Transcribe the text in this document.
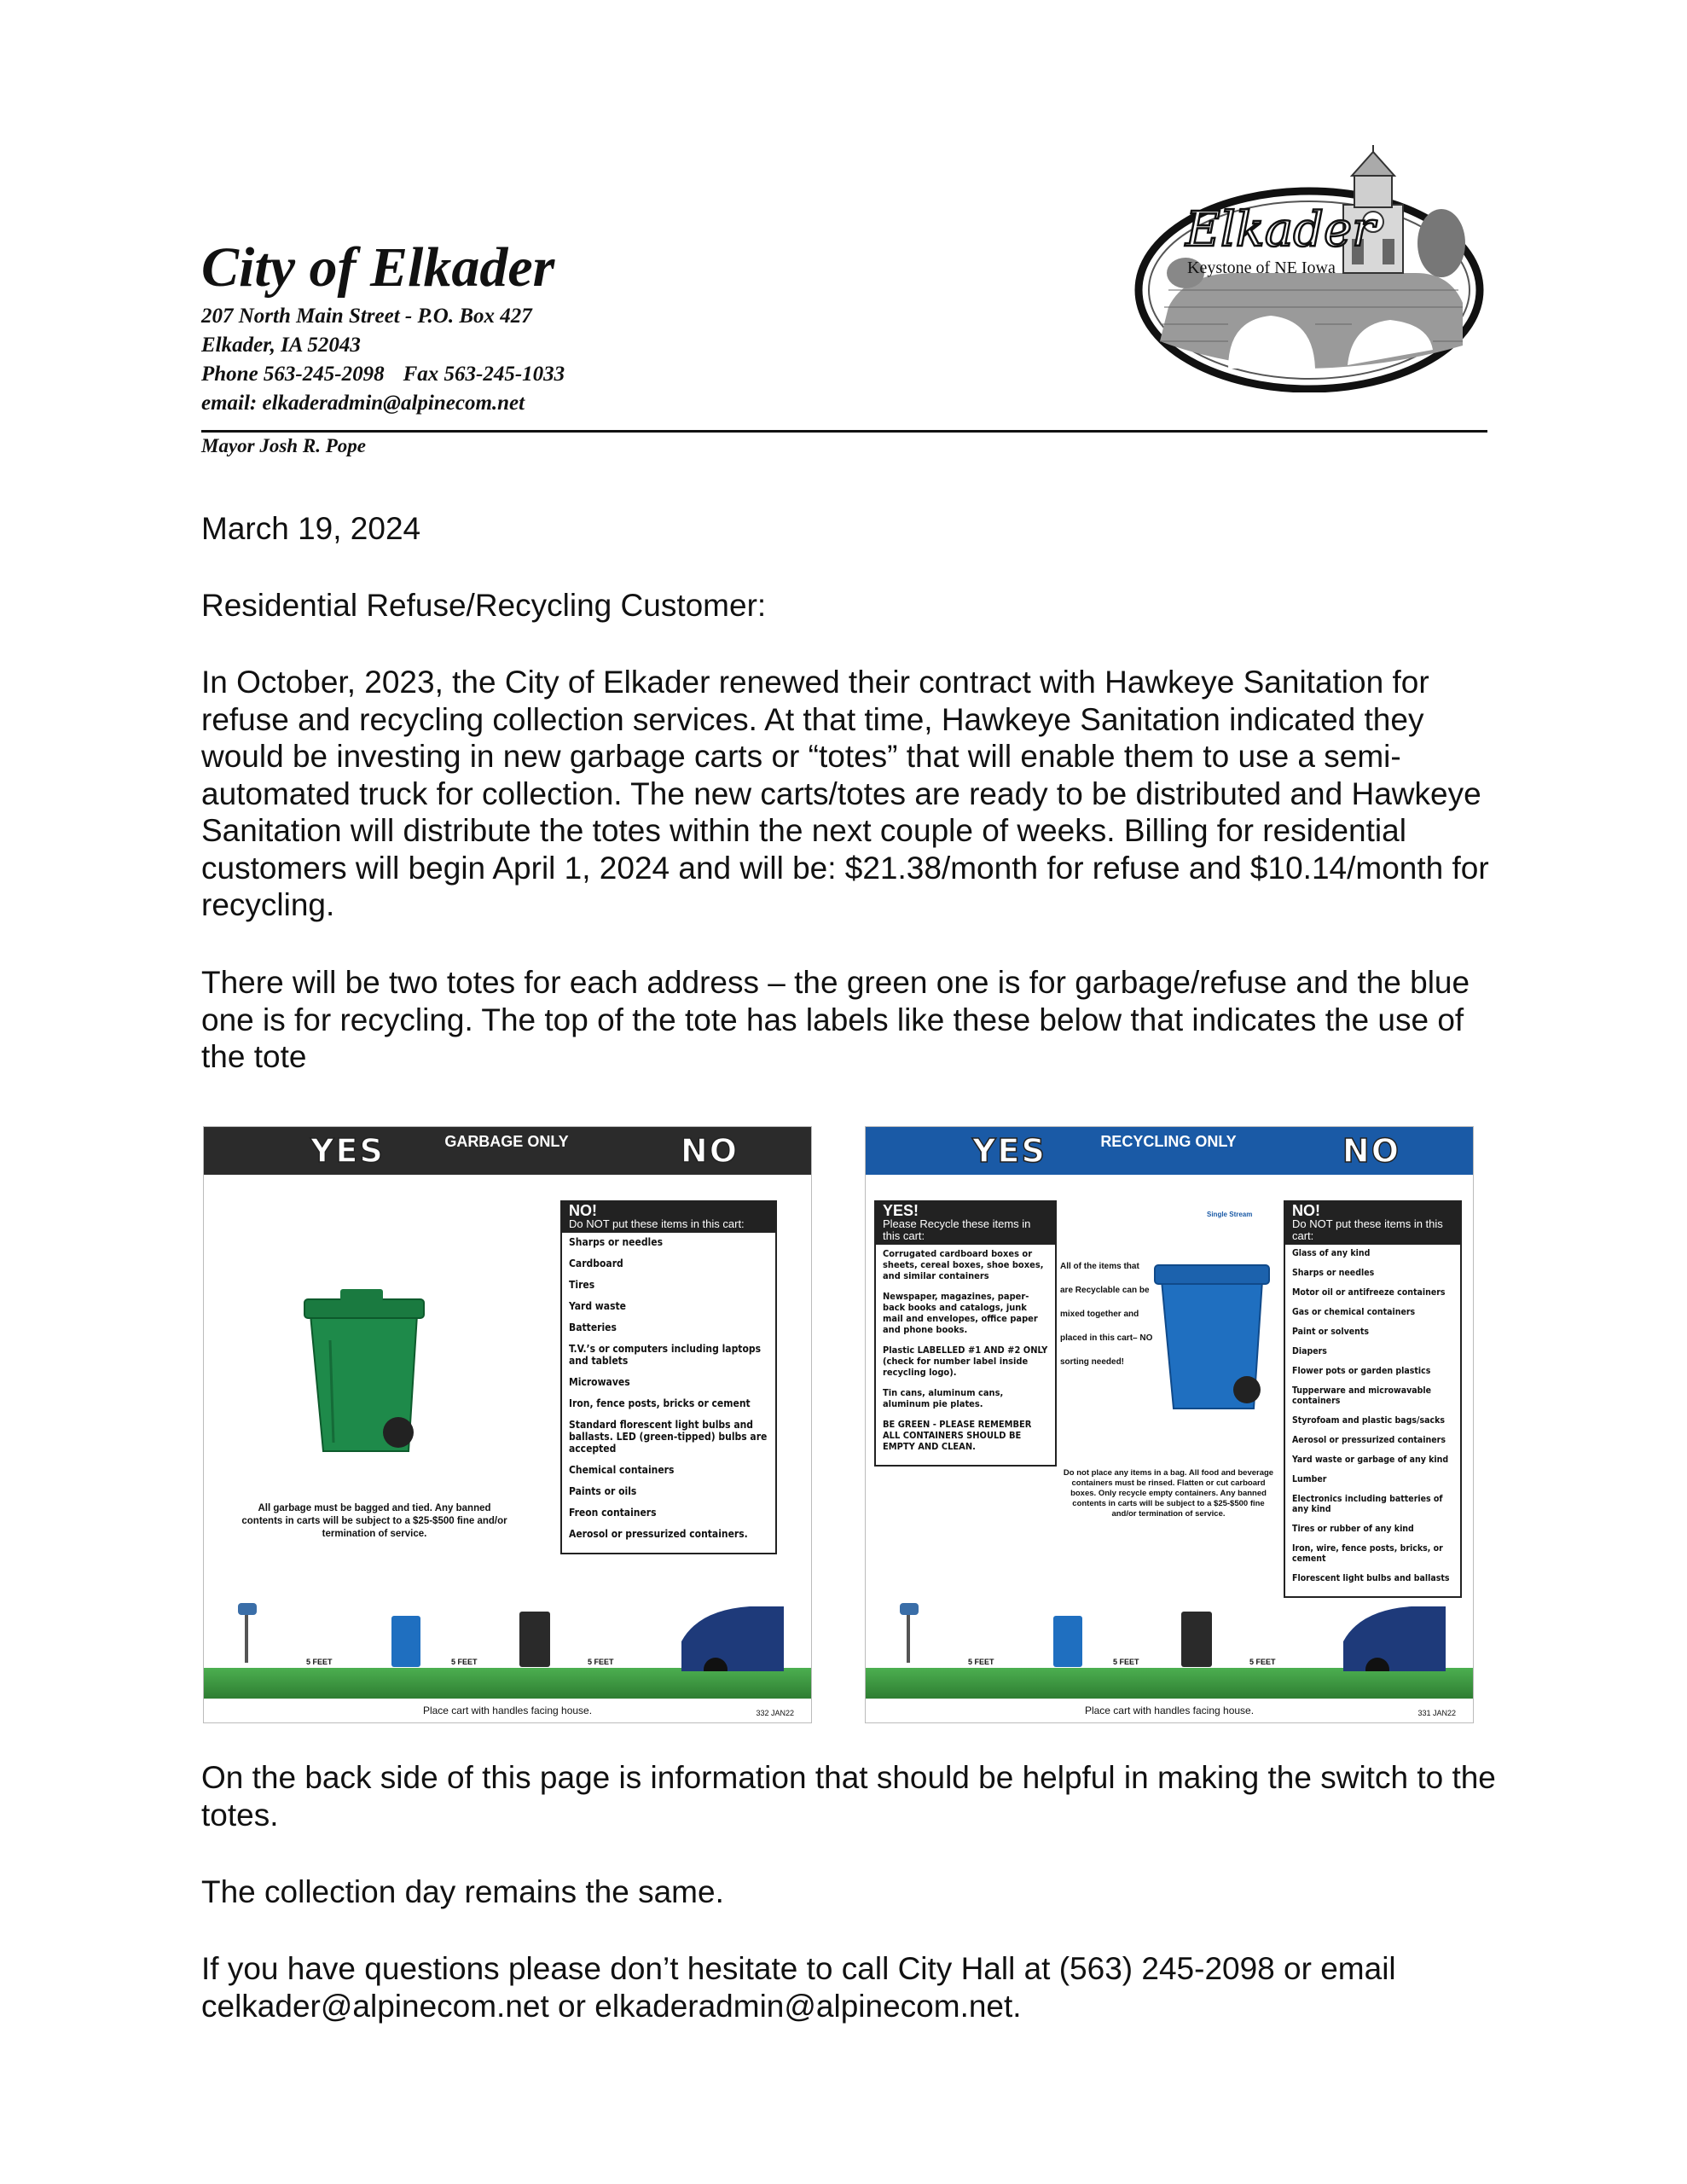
City of Elkader
207 North Main Street - P.O. Box 427
Elkader, IA 52043
Phone 563-245-2098 Fax 563-245-1033
email: elkaderadmin@alpinecom.net
Mayor Josh R. Pope
Elkader
Keystone of NE Iowa
March 19, 2024
Residential Refuse/Recycling Customer:
In October, 2023, the City of Elkader renewed their contract with Hawkeye Sanitation for refuse and recycling collection services. At that time, Hawkeye Sanitation indicated they would be investing in new garbage carts or “totes” that will enable them to use a semi-automated truck for collection. The new carts/totes are ready to be distributed and Hawkeye Sanitation will distribute the totes within the next couple of weeks. Billing for residential customers will begin April 1, 2024 and will be: $21.38/month for refuse and $10.14/month for recycling.
There will be two totes for each address – the green one is for garbage/refuse and the blue one is for recycling. The top of the tote has labels like these below that indicates the use of the tote
On the back side of this page is information that should be helpful in making the switch to the totes.
The collection day remains the same.
If you have questions please don’t hesitate to call City Hall at (563) 245-2098 or email celkader@alpinecom.net or elkaderadmin@alpinecom.net.
YES	GARBAGE ONLY	NO
All garbage must be bagged and tied. Any banned contents in carts will be subject to a $25-$500 fine and/or termination of service.
NO!
Do NOT put these items in this cart:
Sharps or needles
Cardboard
Tires
Yard waste
Batteries
T.V.’s or computers including laptops and tablets
Microwaves
Iron, fence posts, bricks or cement
Standard florescent light bulbs and ballasts. LED (green-tipped) bulbs are accepted
Chemical containers
Paints or oils
Freon containers
Aerosol or pressurized containers.
5 FEET	5 FEET	5 FEET
Place cart with handles facing house.	332 JAN22
YES	RECYCLING ONLY	NO
YES!
Please Recycle these items in this cart:
Corrugated cardboard boxes or sheets, cereal boxes, shoe boxes, and similar containers
Newspaper, magazines, paper-back books and catalogs, junk mail and envelopes, office paper and phone books.
Plastic LABELLED #1 AND #2 ONLY (check for number label inside recycling logo).
Tin cans, aluminum cans, aluminum pie plates.
BE GREEN - PLEASE REMEMBER ALL CONTAINERS SHOULD BE EMPTY AND CLEAN.
All of the items that are Recyclable can be mixed together and placed in this cart– NO sorting needed!
Single Stream
Do not place any items in a bag. All food and beverage containers must be rinsed. Flatten or cut carboard boxes. Only recycle empty containers. Any banned contents in carts will be subject to a $25-$500 fine and/or termination of service.
NO!
Do NOT put these items in this cart:
Glass of any kind
Sharps or needles
Motor oil or antifreeze containers
Gas or chemical containers
Paint or solvents
Diapers
Flower pots or garden plastics
Tupperware and microwavable containers
Styrofoam and plastic bags/sacks
Aerosol or pressurized containers
Yard waste or garbage of any kind
Lumber
Electronics including batteries of any kind
Tires or rubber of any kind
Iron, wire, fence posts, bricks, or cement
Florescent light bulbs and ballasts
5 FEET	5 FEET	5 FEET
Place cart with handles facing house.	331 JAN22
